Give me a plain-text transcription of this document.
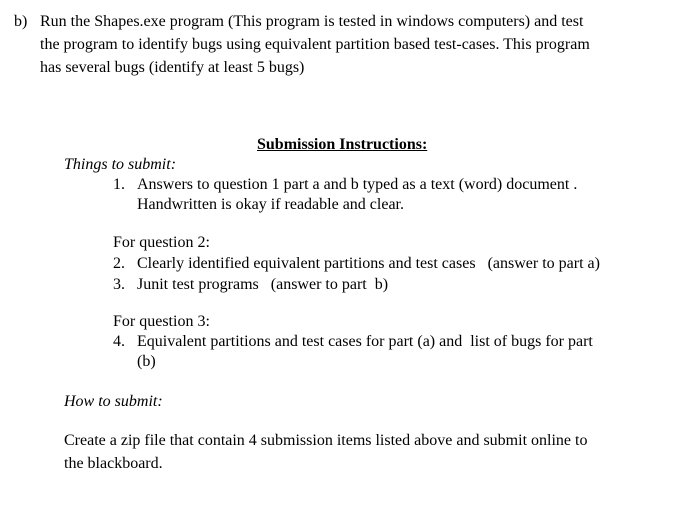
b) Run the Shapes.exe program (This program is tested in windows computers) and test
the program to identify bugs using equivalent partition based test-cases. This program
has several bugs (identify at least 5 bugs)
Submission Instructions:
Things to submit:
1. Answers to question 1 part a and b typed as a text (word) document .
Handwritten is okay if readable and clear.
For question 2:
2. Clearly identified equivalent partitions and test cases   (answer to part a)
3. Junit test programs   (answer to part  b)
For question 3:
4. Equivalent partitions and test cases for part (a) and  list of bugs for part
(b)
How to submit:
Create a zip file that contain 4 submission items listed above and submit online to
the blackboard.
